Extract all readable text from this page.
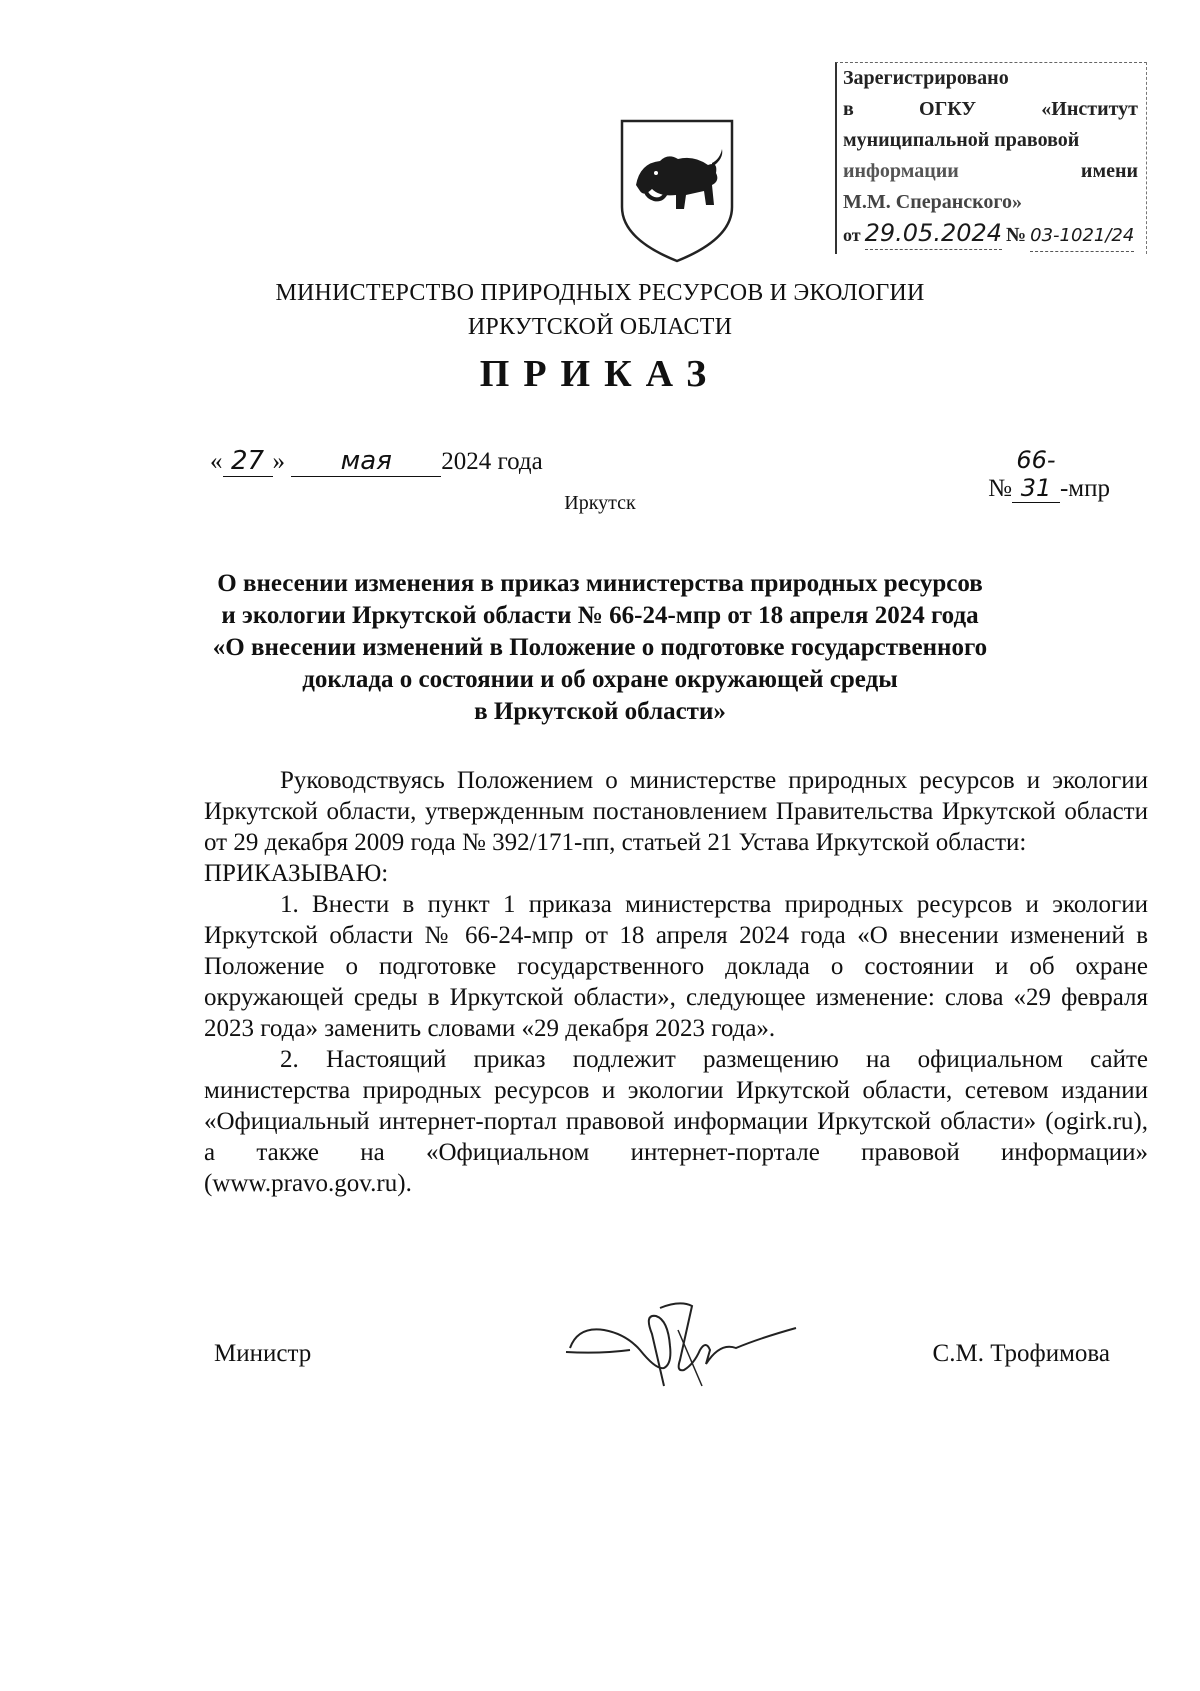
Зарегистрировано
в	ОГКУ	«Институт
муниципальной правовой
информации	имени
М.М. Сперанского»
от 29.05.2024 № 03-1021/24
МИНИСТЕРСТВО ПРИРОДНЫХ РЕСУРСОВ И ЭКОЛОГИИ
ИРКУТСКОЙ ОБЛАСТИ
ПРИКАЗ
« 27 » мая 2024 года
№66-31 -мпр
Иркутск
О внесении изменения в приказ министерства природных ресурсов
и экологии Иркутской области № 66-24-мпр от 18 апреля 2024 года
«О внесении изменений в Положение о подготовке государственного
доклада о состоянии и об охране окружающей среды
в Иркутской области»

Руководствуясь Положением о министерстве природных ресурсов и экологии Иркутской области, утвержденным постановлением Правительства Иркутской области от 29 декабря 2009 года № 392/171-пп, статьей 21 Устава Иркутской области:

ПРИКАЗЫВАЮ:

1. Внести в пункт 1 приказа министерства природных ресурсов и экологии Иркутской области № 66-24-мпр от 18 апреля 2024 года «О внесении изменений в Положение о подготовке государственного доклада о состоянии и об охране окружающей среды в Иркутской области», следующее изменение: слова «29 февраля 2023 года» заменить словами «29 декабря 2023 года».

2. Настоящий приказ подлежит размещению на официальном сайте министерства природных ресурсов и экологии Иркутской области, сетевом издании «Официальный интернет-портал правовой информации Иркутской области» (ogirk.ru), а также на «Официальном интернет-портале правовой информации» (www.pravo.gov.ru).

Министр	С.М. Трофимова
